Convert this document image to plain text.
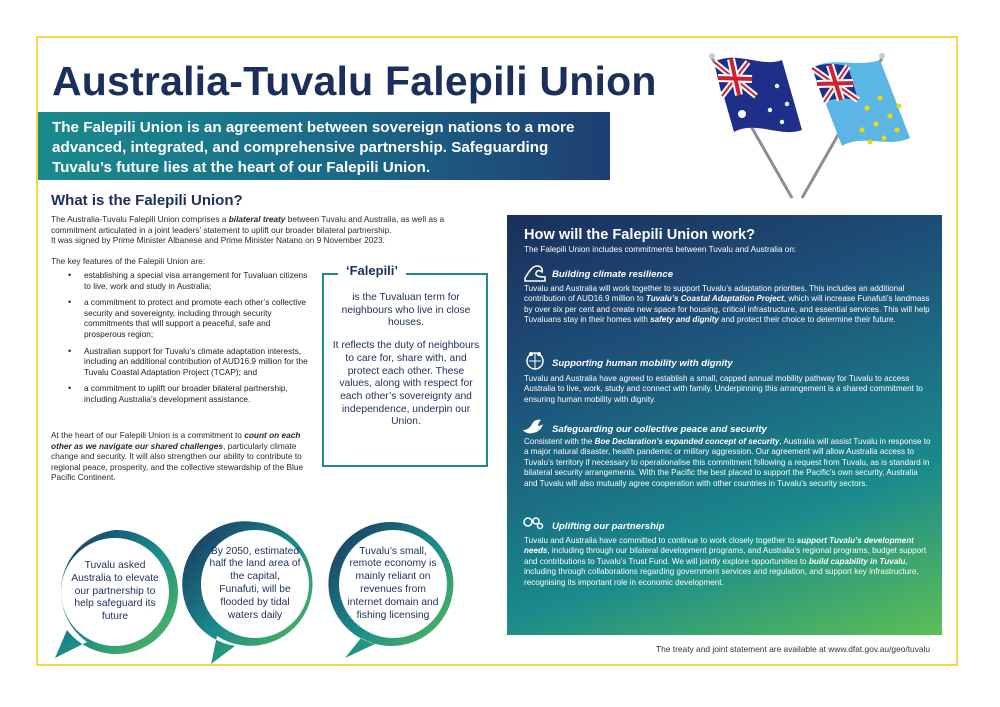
Australia-Tuvalu Falepili Union
The Falepili Union is an agreement between sovereign nations to a more advanced, integrated, and comprehensive partnership. Safeguarding Tuvalu’s future lies at the heart of our Falepili Union.
What is the Falepili Union?

The Australia-Tuvalu Falepili Union comprises a bilateral treaty between Tuvalu and Australia, as well as a commitment articulated in a joint leaders’ statement to uplift our broader bilateral partnership.
It was signed by Prime Minister Albanese and Prime Minister Natano on 9 November 2023.

The key features of the Falepili Union are:

• establishing a special visa arrangement for Tuvaluan citizens to live, work and study in Australia;
• a commitment to protect and promote each other’s collective security and sovereignty, including through security commitments that will support a peaceful, safe and prosperous region;
• Australian support for Tuvalu’s climate adaptation interests, including an additional contribution of AUD16.9 million for the Tuvalu Coastal Adaptation Project (TCAP); and
• a commitment to uplift our broader bilateral partnership, including Australia’s development assistance.

At the heart of our Falepili Union is a commitment to count on each other as we navigate our shared challenges, particularly climate change and security. It will also strengthen our ability to contribute to regional peace, prosperity, and the collective stewardship of the Blue Pacific Continent.

‘Falepili’

is the Tuvaluan term for neighbours who live in close houses.

It reflects the duty of neighbours to care for, share with, and protect each other. These values, along with respect for each other’s sovereignty and independence, underpin our Union.

Tuvalu asked Australia to elevate our partnership to help safeguard its future

By 2050, estimated half the land area of the capital, Funafuti, will be flooded by tidal waters daily

Tuvalu’s small, remote economy is mainly reliant on revenues from internet domain and fishing licensing

How will the Falepili Union work?

The Falepili Union includes commitments between Tuvalu and Australia on:

Building climate resilience

Tuvalu and Australia will work together to support Tuvalu’s adaptation priorities. This includes an additional contribution of AUD16.9 million to Tuvalu’s Coastal Adaptation Project, which will increase Funafuti’s landmass by over six per cent and create new space for housing, critical infrastructure, and essential services. This will help Tuvaluans stay in their homes with safety and dignity and protect their choice to determine their future.

Supporting human mobility with dignity

Tuvalu and Australia have agreed to establish a small, capped annual mobility pathway for Tuvalu to access Australia to live, work, study and connect with family. Underpinning this arrangement is a shared commitment to ensuring human mobility with dignity.

Safeguarding our collective peace and security

Consistent with the Boe Declaration’s expanded concept of security, Australia will assist Tuvalu in response to a major natural disaster, health pandemic or military aggression. Our agreement will allow Australia access to Tuvalu’s territory if necessary to operationalise this commitment following a request from Tuvalu, as is standard in bilateral security arrangements. With the Pacific the best placed to support the Pacific’s own security, Australia and Tuvalu will also mutually agree cooperation with other countries in Tuvalu’s security sectors.

Uplifting our partnership

Tuvalu and Australia have committed to continue to work closely together to support Tuvalu’s development needs, including through our bilateral development programs, and Australia’s regional programs, budget support and contributions to Tuvalu’s Trust Fund. We will jointly explore opportunities to build capability in Tuvalu, including through collaborations regarding government services and regulation, and support key infrastructure, recognising its important role in economic development.

The treaty and joint statement are available at www.dfat.gov.au/geo/tuvalu
